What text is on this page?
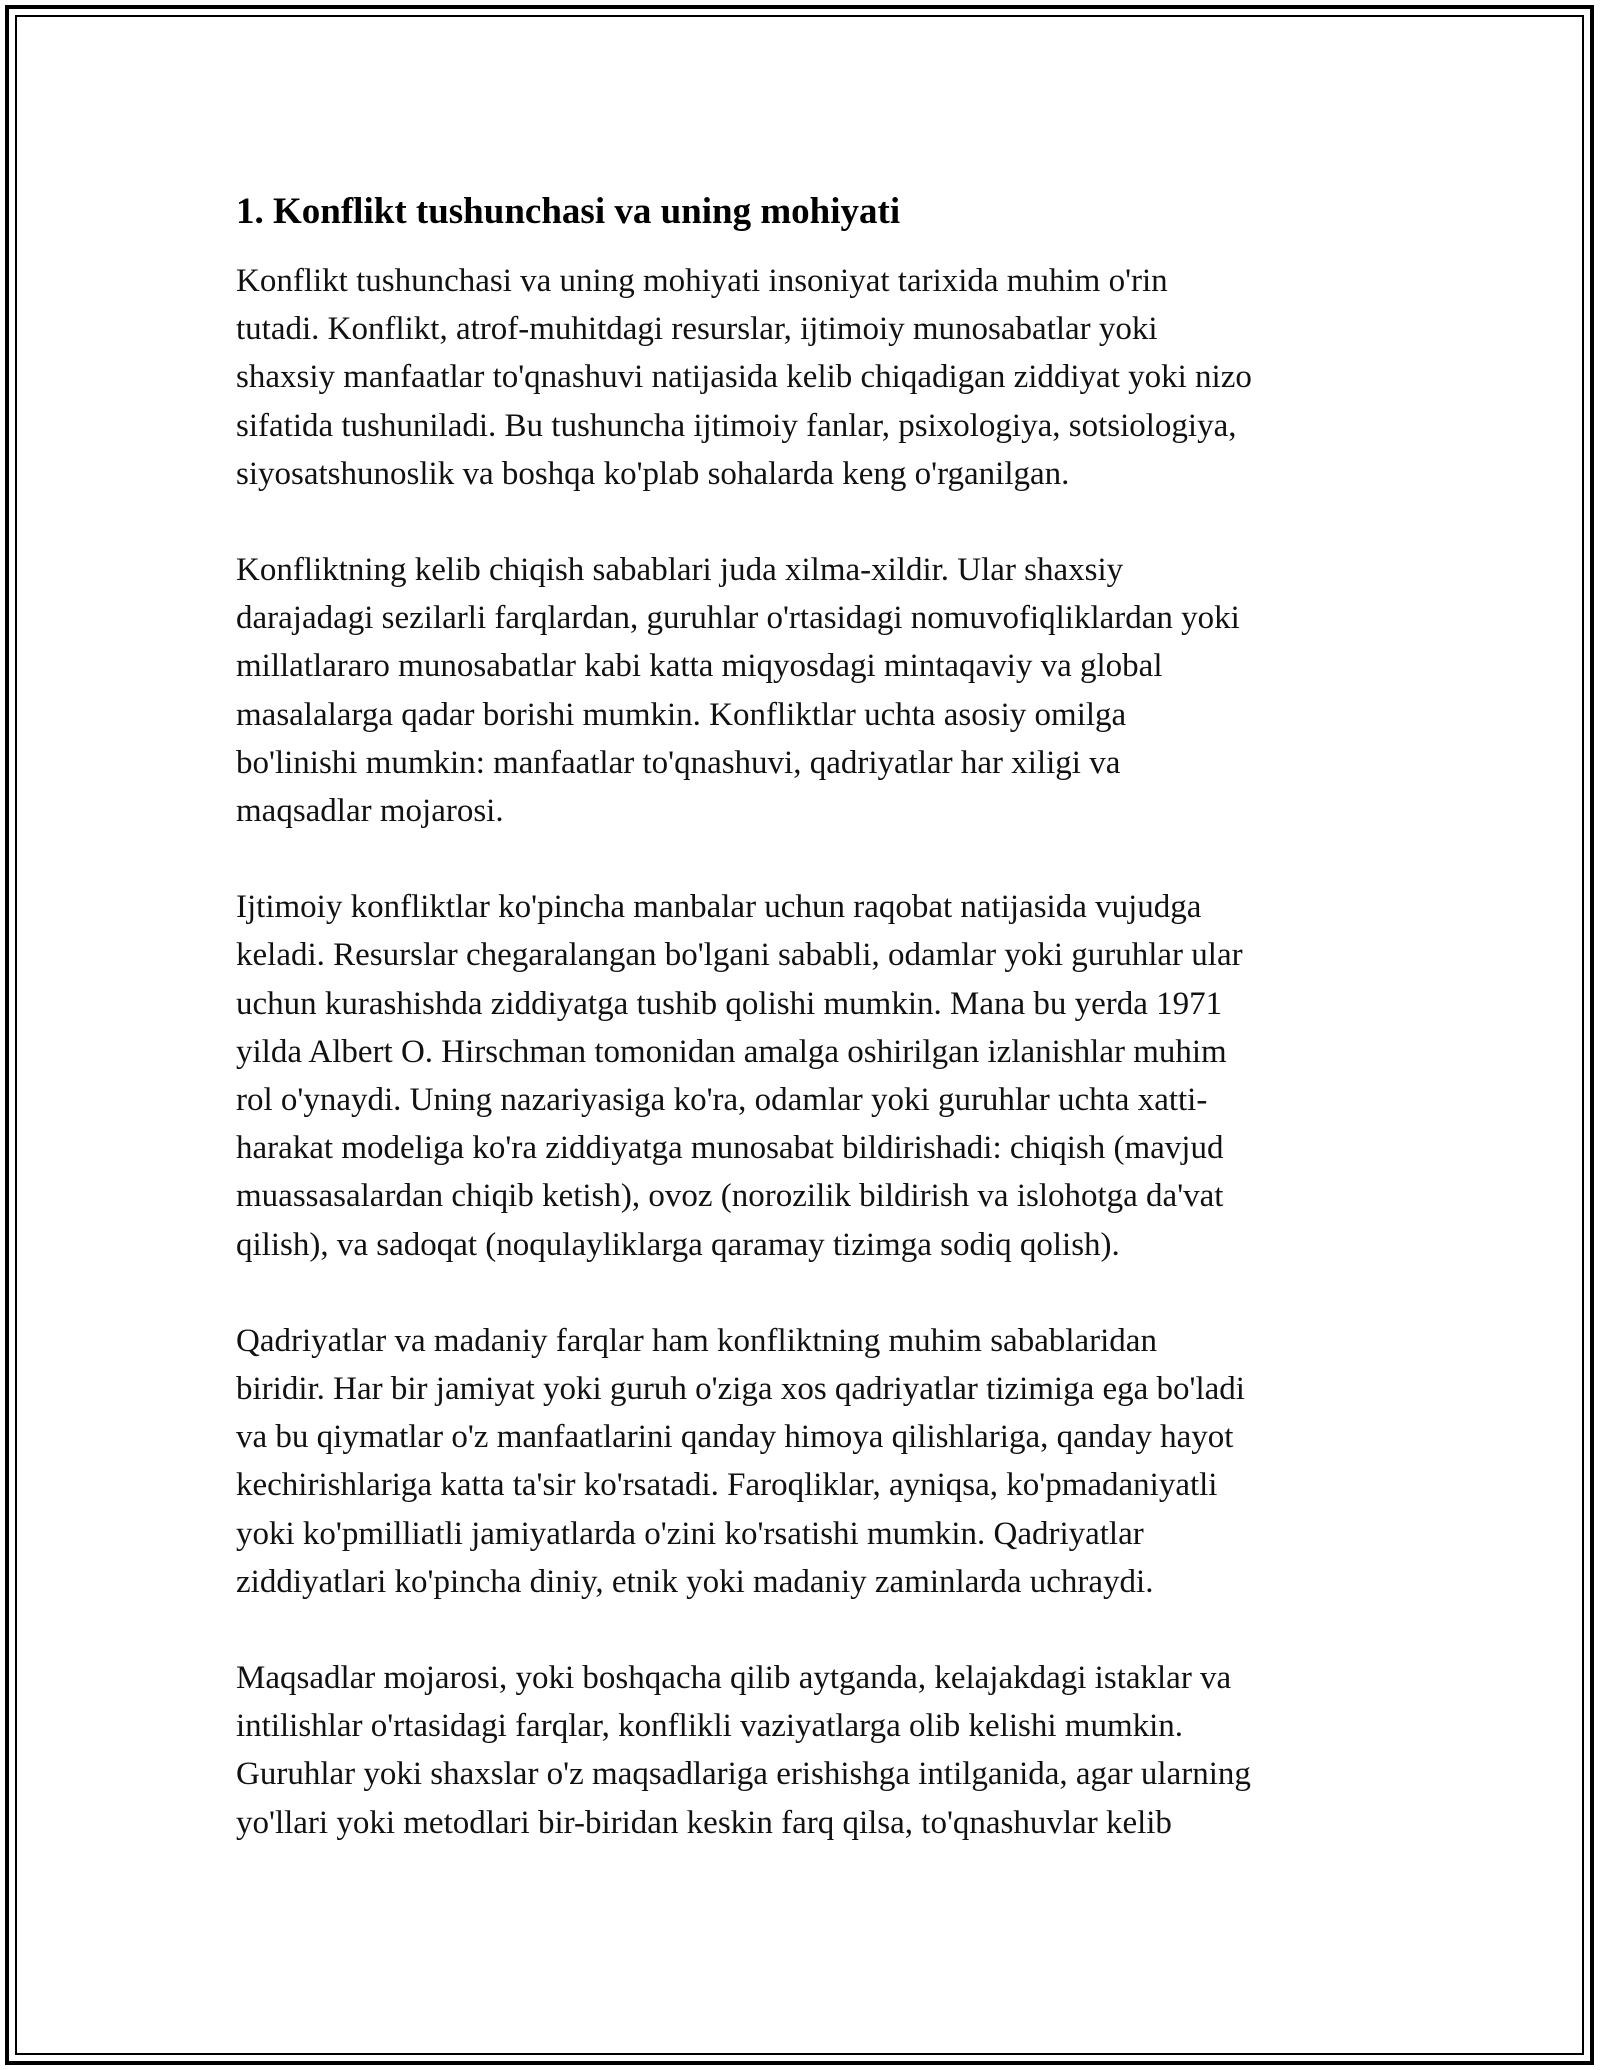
1. Konflikt tushunchasi va uning mohiyati

Konflikt tushunchasi va uning mohiyati insoniyat tarixida muhim o'rin
tutadi. Konflikt, atrof-muhitdagi resurslar, ijtimoiy munosabatlar yoki
shaxsiy manfaatlar to'qnashuvi natijasida kelib chiqadigan ziddiyat yoki nizo
sifatida tushuniladi. Bu tushuncha ijtimoiy fanlar, psixologiya, sotsiologiya,
siyosatshunoslik va boshqa ko'plab sohalarda keng o'rganilgan.

Konfliktning kelib chiqish sabablari juda xilma-xildir. Ular shaxsiy
darajadagi sezilarli farqlardan, guruhlar o'rtasidagi nomuvofiqliklardan yoki
millatlararo munosabatlar kabi katta miqyosdagi mintaqaviy va global
masalalarga qadar borishi mumkin. Konfliktlar uchta asosiy omilga
bo'linishi mumkin: manfaatlar to'qnashuvi, qadriyatlar har xiligi va
maqsadlar mojarosi.

Ijtimoiy konfliktlar ko'pincha manbalar uchun raqobat natijasida vujudga
keladi. Resurslar chegaralangan bo'lgani sababli, odamlar yoki guruhlar ular
uchun kurashishda ziddiyatga tushib qolishi mumkin. Mana bu yerda 1971
yilda Albert O. Hirschman tomonidan amalga oshirilgan izlanishlar muhim
rol o'ynaydi. Uning nazariyasiga ko'ra, odamlar yoki guruhlar uchta xatti-
harakat modeliga ko'ra ziddiyatga munosabat bildirishadi: chiqish (mavjud
muassasalardan chiqib ketish), ovoz (norozilik bildirish va islohotga da'vat
qilish), va sadoqat (noqulayliklarga qaramay tizimga sodiq qolish).

Qadriyatlar va madaniy farqlar ham konfliktning muhim sabablaridan
biridir. Har bir jamiyat yoki guruh o'ziga xos qadriyatlar tizimiga ega bo'ladi
va bu qiymatlar o'z manfaatlarini qanday himoya qilishlariga, qanday hayot
kechirishlariga katta ta'sir ko'rsatadi. Faroqliklar, ayniqsa, ko'pmadaniyatli
yoki ko'pmilliatli jamiyatlarda o'zini ko'rsatishi mumkin. Qadriyatlar
ziddiyatlari ko'pincha diniy, etnik yoki madaniy zaminlarda uchraydi.

Maqsadlar mojarosi, yoki boshqacha qilib aytganda, kelajakdagi istaklar va
intilishlar o'rtasidagi farqlar, konflikli vaziyatlarga olib kelishi mumkin.
Guruhlar yoki shaxslar o'z maqsadlariga erishishga intilganida, agar ularning
yo'llari yoki metodlari bir-biridan keskin farq qilsa, to'qnashuvlar kelib
